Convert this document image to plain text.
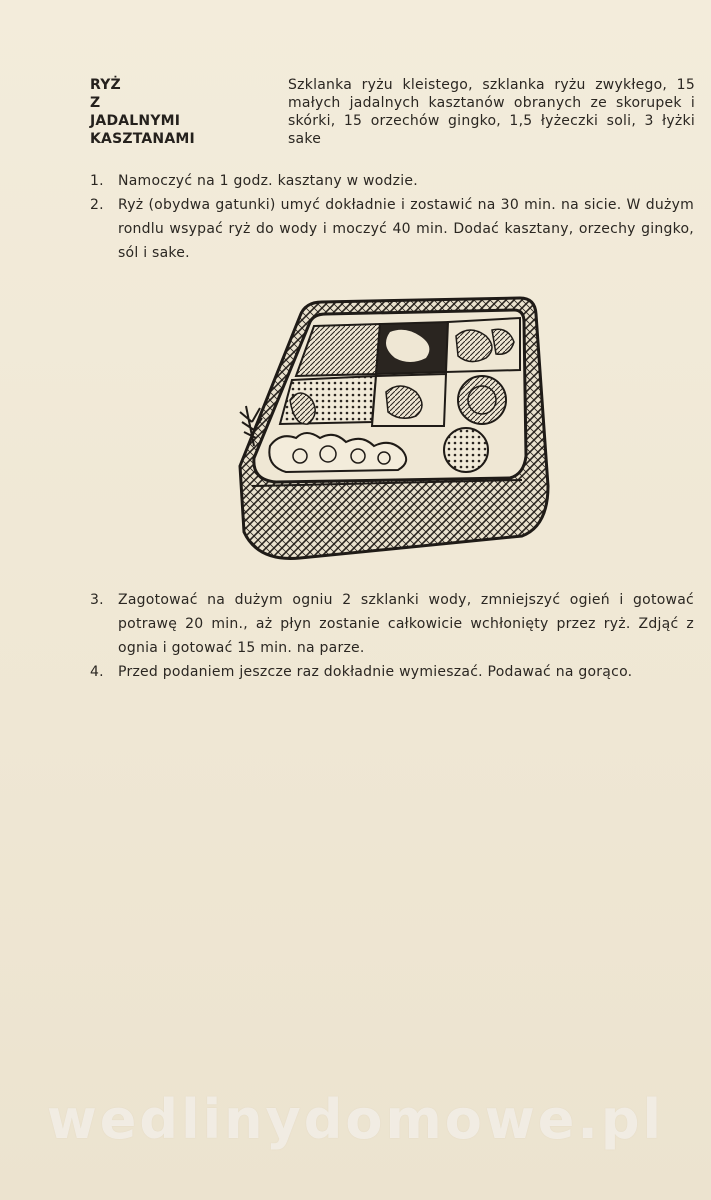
RYŻ
Z
JADALNYMI
KASZTANAMI
Szklanka ryżu kleistego, szklanka ryżu zwykłego, 15 małych jadalnych kasztanów obranych ze skorupek i skórki, 15 orzechów gingko, 1,5 łyżeczki soli, 3 łyżki sake
1.	Namoczyć na 1 godz. kasztany w wodzie.
2.	Ryż (obydwa gatunki) umyć dokładnie i zostawić na 30 min. na sicie. W dużym rondlu wsypać ryż do wody i moczyć 40 min. Dodać kasztany, orzechy gingko, sól i sake.
3.	Zagotować na dużym ogniu 2 szklanki wody, zmniejszyć ogień i gotować potrawę 20 min., aż płyn zostanie całkowicie wchłonięty przez ryż. Zdjąć z ognia i gotować 15 min. na parze.
4.	Przed podaniem jeszcze raz dokładnie wymieszać. Podawać na gorąco.
wedlinydomowe.pl
